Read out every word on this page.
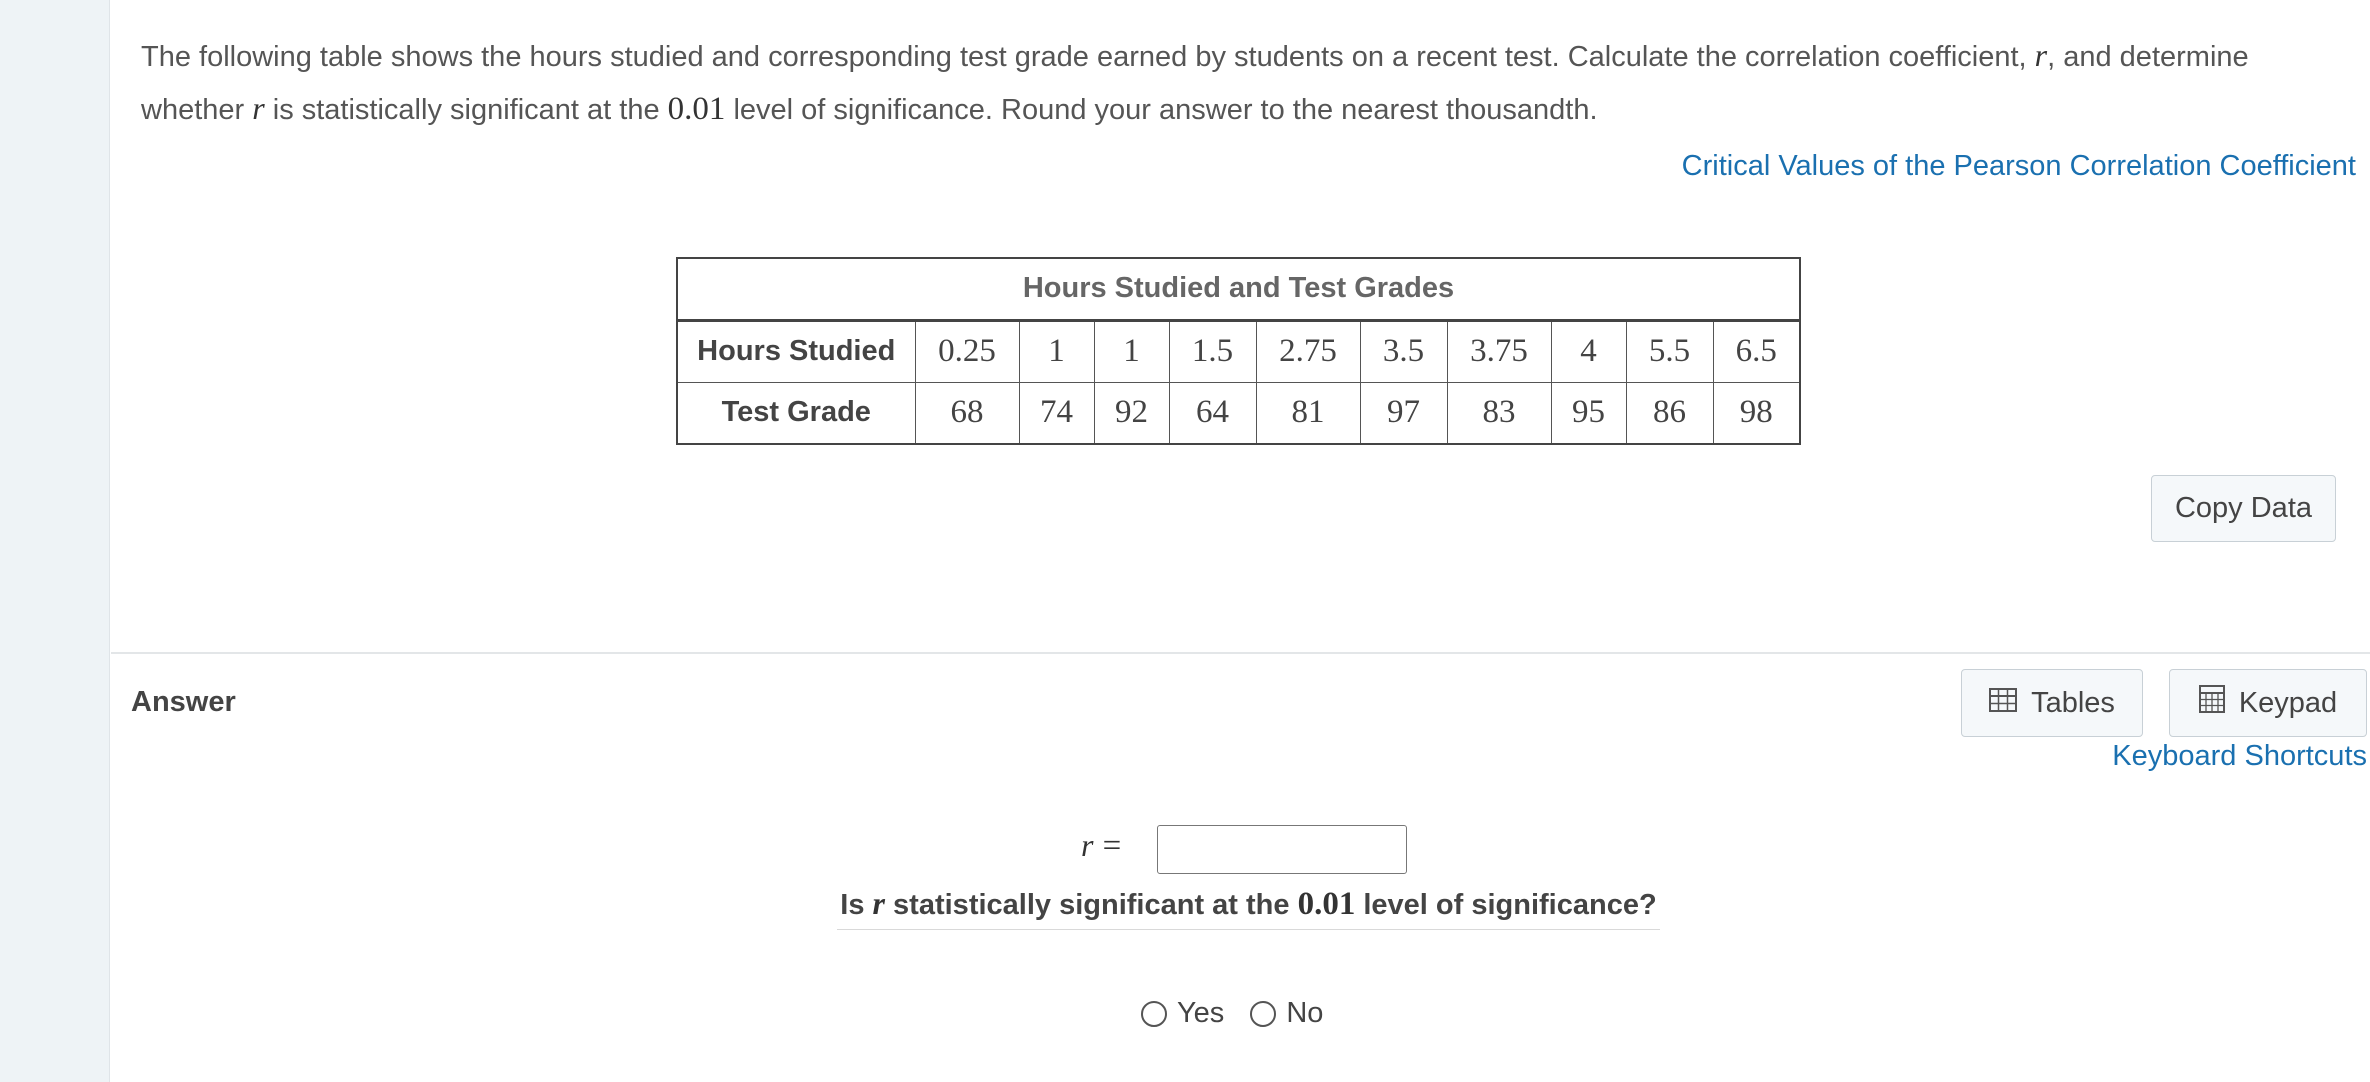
The following table shows the hours studied and corresponding test grade earned by students on a recent test. Calculate the correlation coefficient, r, and determine whether r is statistically significant at the 0.01 level of significance. Round your answer to the nearest thousandth.

Critical Values of the Pearson Correlation Coefficient
Hours Studied and Test Grades										
Hours Studied	0.25	1	1	1.5	2.75	3.5	3.75	4	5.5	6.5
Test Grade	68	74	92	64	81	97	83	95	86	98
Copy Data
Answer	Tables	Keypad
Keyboard Shortcuts
r =
Is r statistically significant at the 0.01 level of significance?
Yes No
